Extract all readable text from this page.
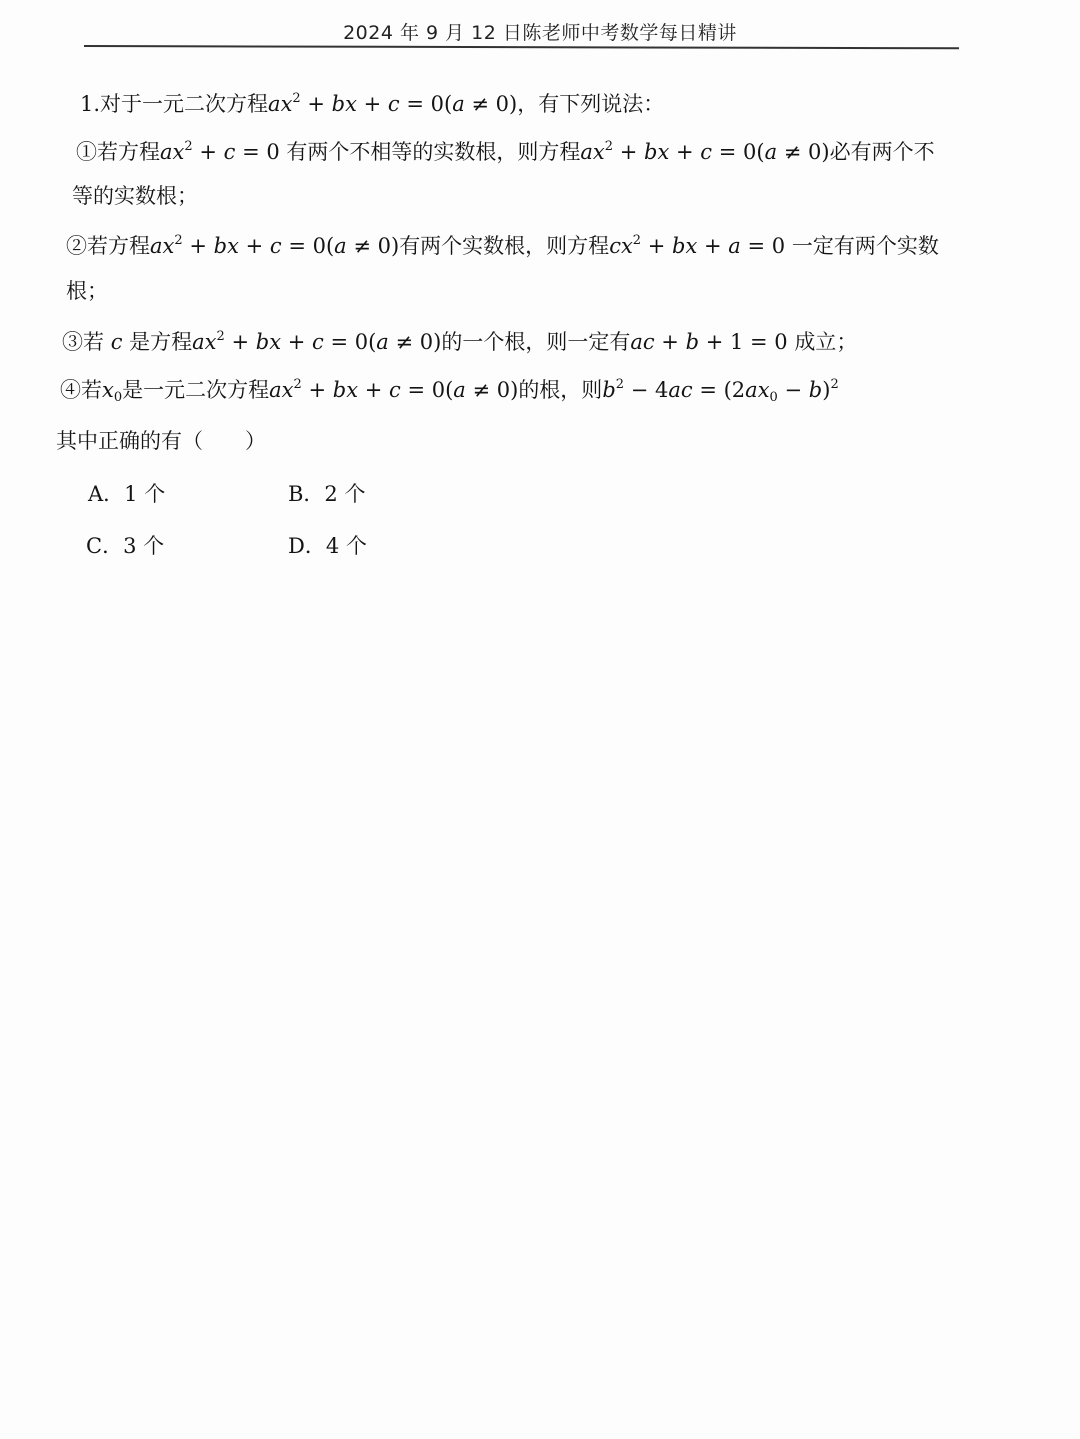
2024 年 9 月 12 日陈老师中考数学每日精讲
1.对于一元二次方程$ax^2$ + bx + c = 0(a ≠ 0)，有下列说法：
①若方程$ax^2 + c = 0$ 有两个不相等的实数根，则方程$ax^2$ + bx + c = 0(a ≠ 0)必有两个不
等的实数根；
②若方程$ax^2$ + bx + c = 0(a ≠ 0)有两个实数根，则方程$cx^2$ + bx + a = 0 一定有两个实数
根；
③若 c 是方程$ax^2$ + bx + c = 0(a ≠ 0)的一个根，则一定有ac + b + 1 = 0 成立；
④若$x_0$是一元二次方程$ax^2$ + bx + c = 0(a ≠ 0)的根，则$b^2 - 4ac = (2ax_0 - b)^2$
其中正确的有（　　）
A．1 个	B．2 个
C．3 个	D．4 个
